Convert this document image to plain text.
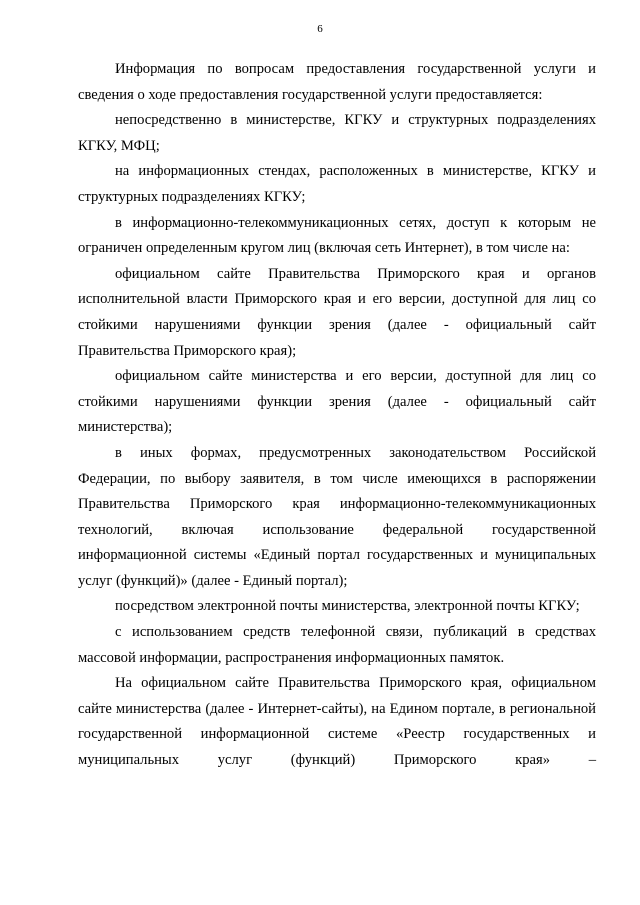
6

Информация по вопросам предоставления государственной услуги и сведения о ходе предоставления государственной услуги предоставляется:

непосредственно в министерстве, КГКУ и структурных подразделениях КГКУ, МФЦ;

на информационных стендах, расположенных в министерстве, КГКУ и структурных подразделениях КГКУ;

в информационно-телекоммуникационных сетях, доступ к которым не ограничен определенным кругом лиц (включая сеть Интернет), в том числе на:

официальном сайте Правительства Приморского края и органов исполнительной власти Приморского края и его версии, доступной для лиц со стойкими нарушениями функции зрения (далее - официальный сайт Правительства Приморского края);

официальном сайте министерства и его версии, доступной для лиц со стойкими нарушениями функции зрения (далее - официальный сайт министерства);

в иных формах, предусмотренных законодательством Российской Федерации, по выбору заявителя, в том числе имеющихся в распоряжении Правительства Приморского края информационно-телекоммуникационных технологий, включая использование федеральной государственной информационной системы «Единый портал государственных и муниципальных услуг (функций)» (далее - Единый портал);

посредством электронной почты министерства, электронной почты КГКУ;

с использованием средств телефонной связи, публикаций в средствах массовой информации, распространения информационных памяток.

На официальном сайте Правительства Приморского края, официальном сайте министерства (далее - Интернет-сайты), на Едином портале, в региональной государственной информационной системе «Реестр государственных и муниципальных услуг (функций) Приморского края» –
